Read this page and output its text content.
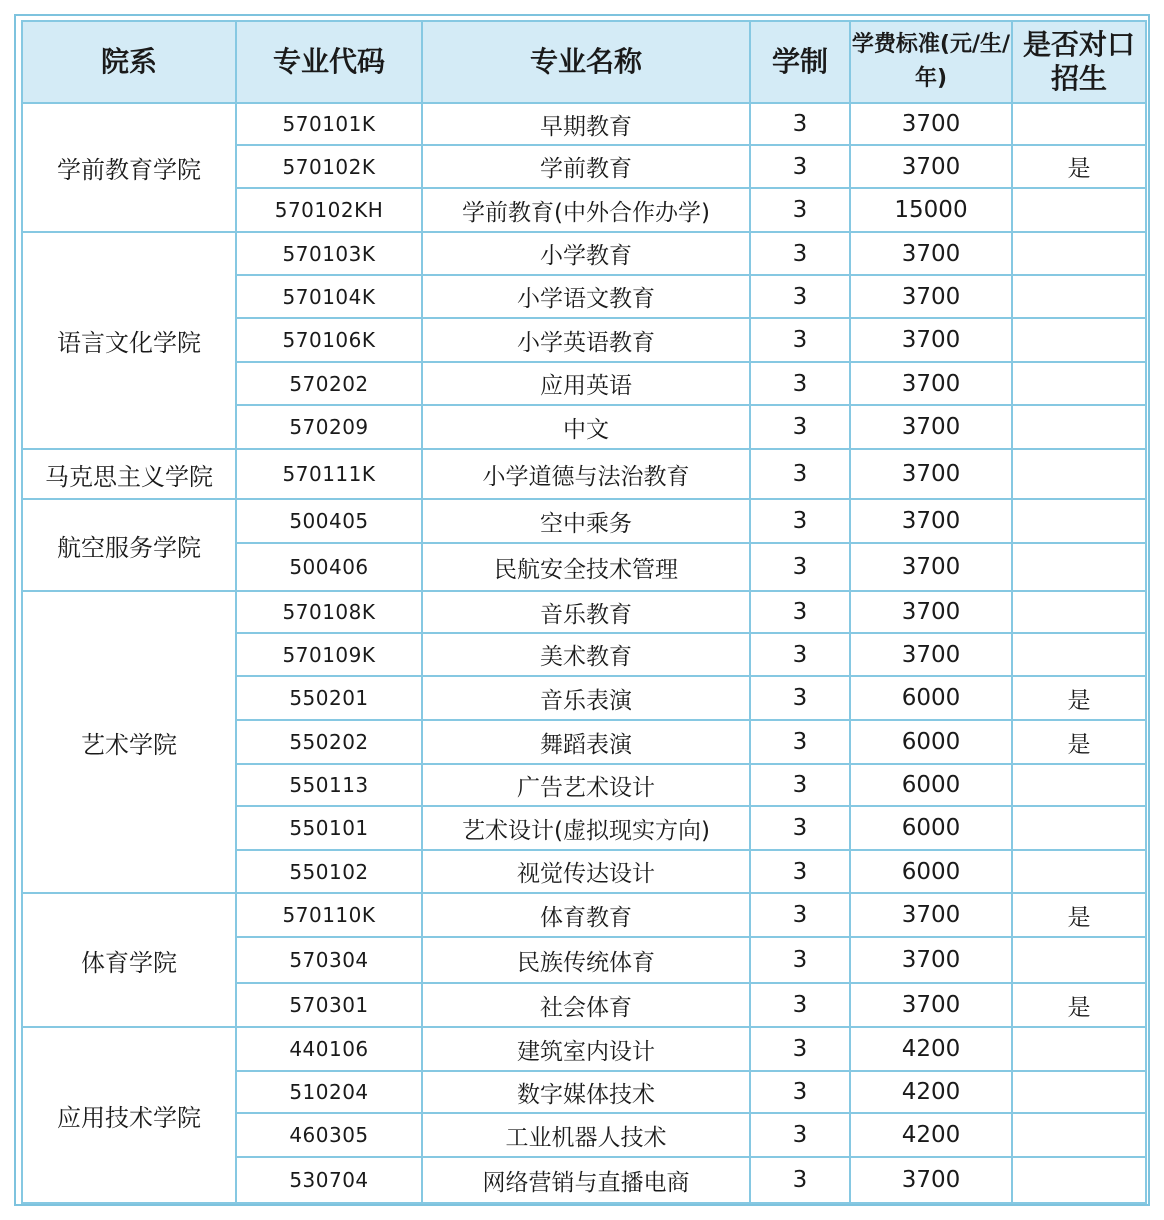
院系	专业代码	专业名称	学制	学费标准(元/生/年)	是否对口招生
学前教育学院	570101K	早期教育	3	3700	
	570102K	学前教育	3	3700	是
	570102KH	学前教育(中外合作办学)	3	15000	
语言文化学院	570103K	小学教育	3	3700	
	570104K	小学语文教育	3	3700	
	570106K	小学英语教育	3	3700	
	570202	应用英语	3	3700	
	570209	中文	3	3700	
马克思主义学院	570111K	小学道德与法治教育	3	3700	
航空服务学院	500405	空中乘务	3	3700	
	500406	民航安全技术管理	3	3700	
艺术学院	570108K	音乐教育	3	3700	
	570109K	美术教育	3	3700	
	550201	音乐表演	3	6000	是
	550202	舞蹈表演	3	6000	是
	550113	广告艺术设计	3	6000	
	550101	艺术设计(虚拟现实方向)	3	6000	
	550102	视觉传达设计	3	6000	
体育学院	570110K	体育教育	3	3700	是
	570304	民族传统体育	3	3700	
	570301	社会体育	3	3700	是
应用技术学院	440106	建筑室内设计	3	4200	
	510204	数字媒体技术	3	4200	
	460305	工业机器人技术	3	4200	
	530704	网络营销与直播电商	3	3700	
